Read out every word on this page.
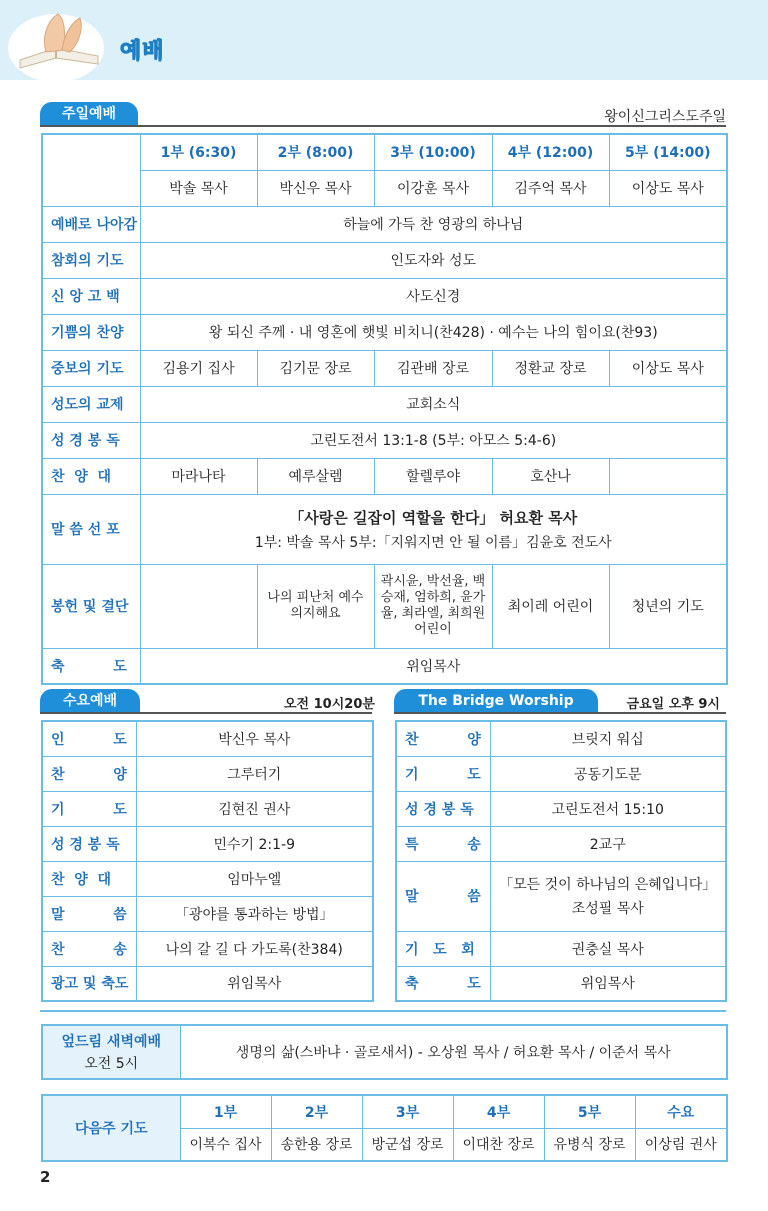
예배
주일예배	왕이신그리스도주일
	1부 (6:30)	2부 (8:00)	3부 (10:00)	4부 (12:00)	5부 (14:00)
	박솔 목사	박신우 목사	이강훈 목사	김주억 목사	이상도 목사
예배로 나아감	하늘에 가득 찬 영광의 하나님				
참회의 기도	인도자와 성도				
신 앙 고 백	사도신경				
기쁨의 찬양	왕 되신 주께 · 내 영혼에 햇빛 비치니(찬428) · 예수는 나의 힘이요(찬93)				
중보의 기도	김용기 집사	김기문 장로	김관배 장로	정환교 장로	이상도 목사
성도의 교제	교회소식				
성 경 봉 독	고린도전서 13:1-8 (5부: 아모스 5:4-6)				
찬  양  대	마라나타	예루살렘	할렐루야	호산나	
말 씀 선 포	「사랑은 길잡이 역할을 한다」 허요환 목사
1부: 박솔 목사 5부:「지워지면 안 될 이름」김윤호 전도사				

봉헌 및 결단		나의 피난처 예수 의지해요	곽시윤, 박선율, 백승재, 엄하희, 윤가율, 최라엘, 최희원 어린이	최이레 어린이	청년의 기도
축          도	위임목사				
수요예배	오전 10시20분
인          도	박신우 목사
찬          양	그루터기
기          도	김현진 권사
성 경 봉 독	민수기 2:1-9
찬  양  대	임마누엘
말          씀	「광야를 통과하는 방법」
찬          송	나의 갈 길 다 가도록(찬384)
광고 및 축도	위임목사
The Bridge Worship	금요일 오후 9시
찬          양	브릿지 워십
기          도	공동기도문
성 경 봉 독	고린도전서 15:10
특          송	2교구
말          씀	「모든 것이 하나님의 은혜입니다」
조성필 목사

기   도   회	권충실 목사
축          도	위임목사
엎드림 새벽예배
오전 5시
	생명의 삶(스바냐 · 골로새서) - 오상원 목사 / 허요환 목사 / 이준서 목사
다음주 기도	1부	2부	3부	4부	5부	수요
	이복수 집사	송한용 장로	방군섭 장로	이대찬 장로	유병식 장로	이상림 권사
2
